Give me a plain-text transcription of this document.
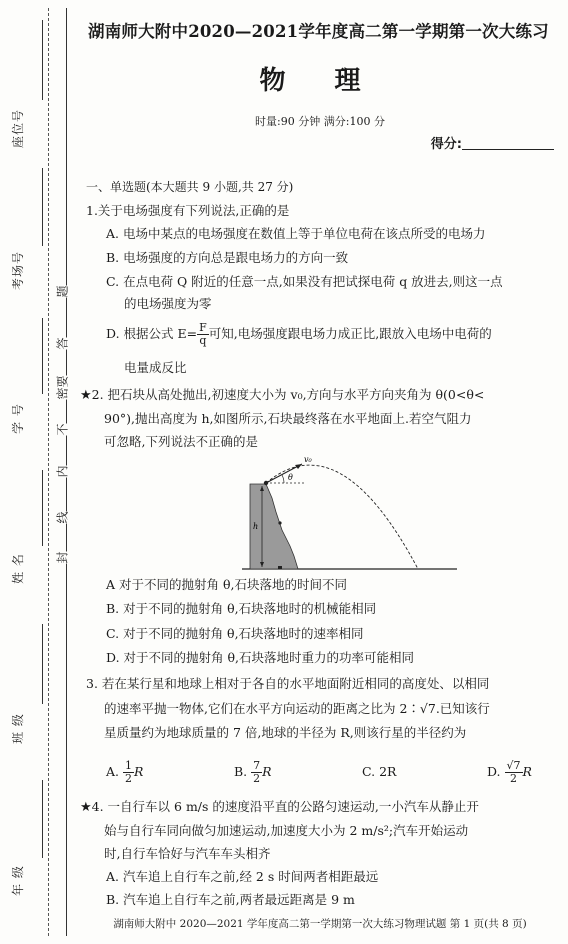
座位号
考场号
学 号
姓 名
班 级
年 级
题
答
要
密
不
内
线
封
湖南师大附中2020—2021学年度高二第一学期第一次大练习
物 理
时量:90 分钟 满分:100 分
得分:
一、单选题(本大题共 9 小题,共 27 分)
1.关于电场强度有下列说法,正确的是
A. 电场中某点的电场强度在数值上等于单位电荷在该点所受的电场力
B. 电场强度的方向总是跟电场力的方向一致
C. 在点电荷 Q 附近的任意一点,如果没有把试探电荷 q 放进去,则这一点
的电场强度为零
D. 根据公式 $E= \frac{F}{q}$ 可知,电场强度跟电场力成正比,跟放入电场中电荷的
电量成反比
★2. 把石块从高处抛出,初速度大小为 v₀,方向与水平方向夹角为 θ(0<θ<
90°),抛出高度为 h,如图所示,石块最终落在水平地面上.若空气阻力
可忽略,下列说法不正确的是
v₀
θ
h
A 对于不同的抛射角 θ,石块落地的时间不同
B. 对于不同的抛射角 θ,石块落地时的机械能相同
C. 对于不同的抛射角 θ,石块落地时的速率相同
D. 对于不同的抛射角 θ,石块落地时重力的功率可能相同
3. 若在某行星和地球上相对于各自的水平地面附近相同的高度处、以相同
的速率平抛一物体,它们在水平方向运动的距离之比为 2∶√7.已知该行
星质量约为地球质量的 7 倍,地球的半径为 R,则该行星的半径约为
A. $\frac{1}{2}$ R	B. $\frac{7}{2}$ R	C. 2R	D. $\frac{√7}{2}$ R
★4. 一自行车以 6 m/s 的速度沿平直的公路匀速运动,一小汽车从静止开
始与自行车同向做匀加速运动,加速度大小为 2 m/s²;汽车开始运动
时,自行车恰好与汽车车头相齐
A. 汽车追上自行车之前,经 2 s 时间两者相距最远
B. 汽车追上自行车之前,两者最远距离是 9 m
湖南师大附中 2020—2021 学年度高二第一学期第一次大练习物理试题 第 1 页(共 8 页)
